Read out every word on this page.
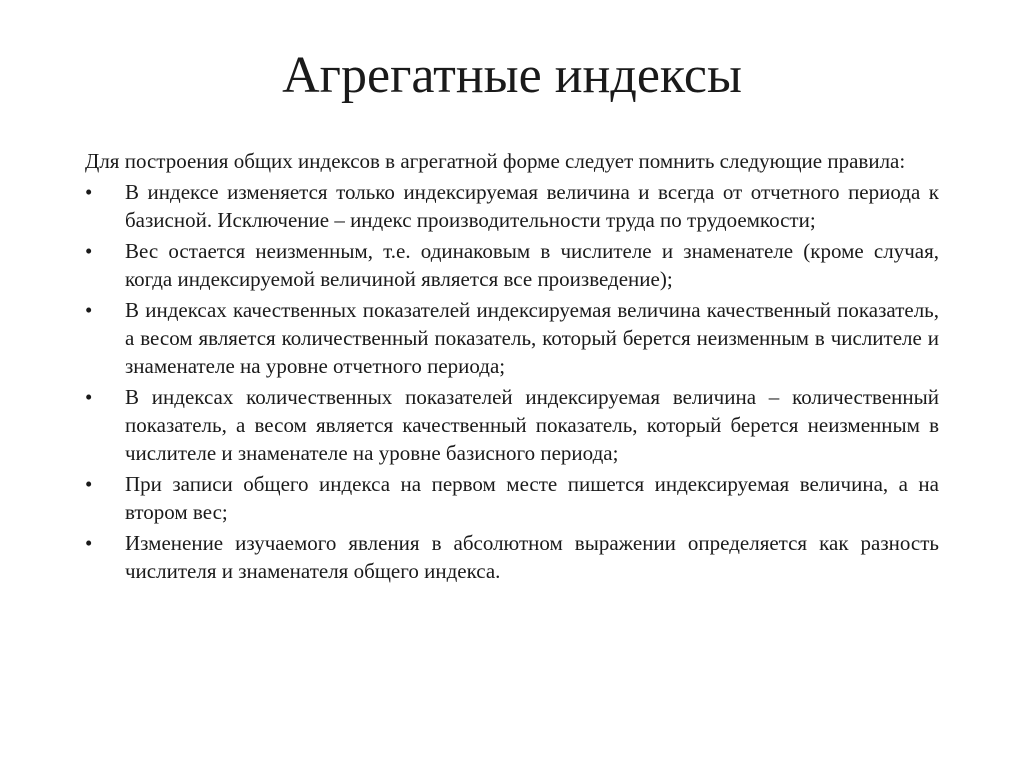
Агрегатные индексы

Для построения общих индексов в агрегатной форме следует помнить следующие правила:

•	В индексе изменяется только индексируемая величина и всегда от отчетного периода к базисной. Исключение – индекс производительности труда по трудоемкости;
•	Вес остается неизменным, т.е. одинаковым в числителе и знаменателе (кроме случая, когда индексируемой величиной является все произведение);
•	В индексах качественных показателей индексируемая величина качественный показатель, а весом является количественный показатель, который берется неизменным в числителе и знаменателе на уровне отчетного периода;
•	В индексах количественных показателей индексируемая величина – количественный показатель, а весом является качественный показатель, который берется неизменным в числителе и знаменателе на уровне базисного периода;
•	При записи общего индекса на первом месте пишется индексируемая величина, а на втором вес;
•	Изменение изучаемого явления в абсолютном выражении определяется как разность числителя и знаменателя общего индекса.
